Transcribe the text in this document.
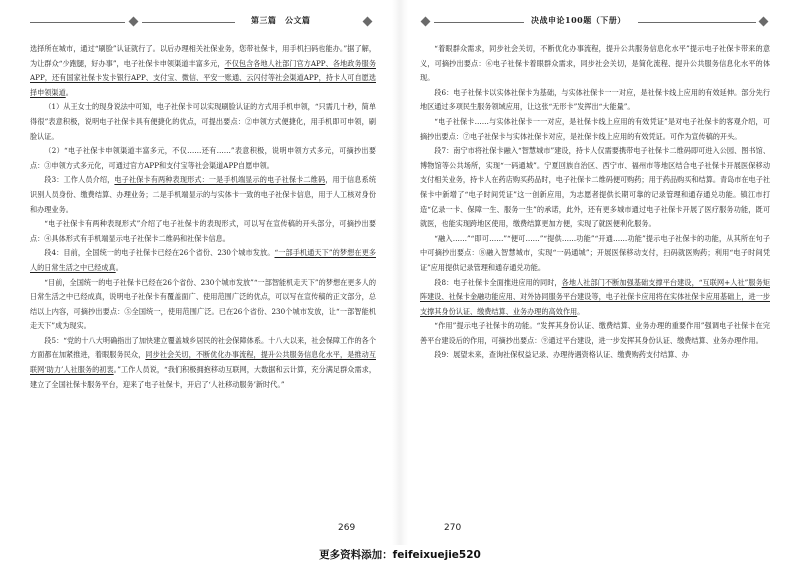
第三篇　公文篇

选择所在城市，通过“刷脸”认证就行了。以后办理相关社保业务，您带社保卡，用手机扫码也能办。”据了解，为让群众“少跑腿，好办事”，电子社保卡申领渠道丰富多元，不仅包含各地人社部门官方APP、各地政务服务APP，还有国家社保卡发卡银行APP、支付宝、微信、平安一账通、云闪付等社会渠道APP，持卡人可自愿选择申领渠道。

（1）从王女士的现身说法中可知，电子社保卡可以实现刷脸认证的方式用手机申领，“只需几十秒，简单得很”表意积极，说明电子社保卡具有便捷化的优点，可提出要点：②申领方式便捷化，用手机即可申领，刷脸认证。

（2）“电子社保卡申领渠道丰富多元，不仅……还有……”表意积极，说明申领方式多元，可摘抄出要点：③申领方式多元化，可通过官方APP和支付宝等社会渠道APP自愿申领。

段3：工作人员介绍，电子社保卡有两种表现形式：一是手机端显示的电子社保卡二维码，用于信息系统识别人员身份、缴费结算、办理业务；二是手机端显示的与实体卡一致的电子社保卡信息，用于人工核对身份和办理业务。

“电子社保卡有两种表现形式”介绍了电子社保卡的表现形式，可以写在宣传稿的开头部分，可摘抄出要点：④具体形式有手机端显示电子社保卡二维码和社保卡信息。

段4：目前，全国统一的电子社保卡已经在26个省份、230个城市发放。“一部手机通天下”的梦想在更多人的日常生活之中已经成真。

“目前，全国统一的电子社保卡已经在26个省份、230个城市发放”“一部智能机走天下”的梦想在更多人的日常生活之中已经成真，说明电子社保卡有覆盖面广、使用范围广泛的优点，可以写在宣传稿的正文部分，总结以上内容，可摘抄出要点：⑤全国统一，使用范围广泛。已在26个省份、230个城市发放，让“一部智能机走天下”成为现实。

段5：“党的十八大明确指出了加快建立覆盖城乡居民的社会保障体系。十八大以来，社会保障工作的各个方面都在加紧推进，着眼服务民众，同步社会关切，不断优化办事流程，提升公共服务信息化水平，是推动互联网‘助力’人社服务的初衷。”工作人员说，“我们积极拥抱移动互联网，大数据和云计算，充分满足群众需求，建立了全国社保卡服务平台，迎来了电子社保卡，开启了‘人社移动服务’新时代。”

269
决战申论100题（下册）

“着眼群众需求，同步社会关切，不断优化办事流程，提升公共服务信息化水平”提示电子社保卡带来的意义，可摘抄出要点：⑥电子社保卡着眼群众需求，同步社会关切，是简化流程、提升公共服务信息化水平的体现。

段6：电子社保卡以实体社保卡为基础，与实体社保卡一一对应，是社保卡线上应用的有效延伸。部分先行地区通过多项民生服务领域应用，让这张“无形卡”发挥出“大能量”。

“电子社保卡……与实体社保卡一一对应，是社保卡线上应用的有效凭证”是对电子社保卡的客观介绍，可摘抄出要点：⑦电子社保卡与实体社保卡对应，是社保卡线上应用的有效凭证。可作为宣传稿的开头。

段7：南宁市将社保卡融入“智慧城市”建设，持卡人仅需要携带电子社保卡二维码即可进入公园、图书馆、博物馆等公共场所，实现“一码通城”。宁夏回族自治区、西宁市、福州市等地区结合电子社保卡开展医保移动支付相关业务，持卡人在药店购买药品时，电子社保卡二维码便可购药；用于药品购买和结算。青岛市在电子社保卡中新增了“电子时间凭证”这一创新应用，为志愿者提供长期可靠的记录管理和通存通兑功能。镇江市打造“亿录一卡、保障一生、服务一生”的承诺，此外，还有更多城市通过电子社保卡开展了医疗服务功能，既可就医，也能实现跨地区使用，缴费结算更加方便，实现了就医便利化服务。

“融入……”“即可……”“便可……”“提供……功能”“开通……功能”提示电子社保卡的功能，从其所在句子中可摘抄出要点：⑧融入智慧城市，实现“一码通城”；开展医保移动支付，扫码就医购药；利用“电子时间凭证”应用提供记录管理和通存通兑功能。

段8：电子社保卡全面推进应用的同时，各地人社部门不断加强基础支撑平台建设，“互联网+人社”服务矩阵建设、社保卡金融功能应用、对外协同服务平台建设等，电子社保卡应用将在实体社保卡应用基础上，进一步支撑其身份认证、缴费结算、业务办理的高效作用。

“作用”提示电子社保卡的功能。“发挥其身份认证、缴费结算、业务办理的重要作用”强调电子社保卡在完善平台建设后的作用，可摘抄出要点：⑨通过平台建设，进一步发挥其身份认证、缴费结算、业务办理作用。

段9：展望未来，查询社保权益记录、办理待遇资格认证、缴费购药支付结算、办

270
更多资料添加：feifeixuejie520
